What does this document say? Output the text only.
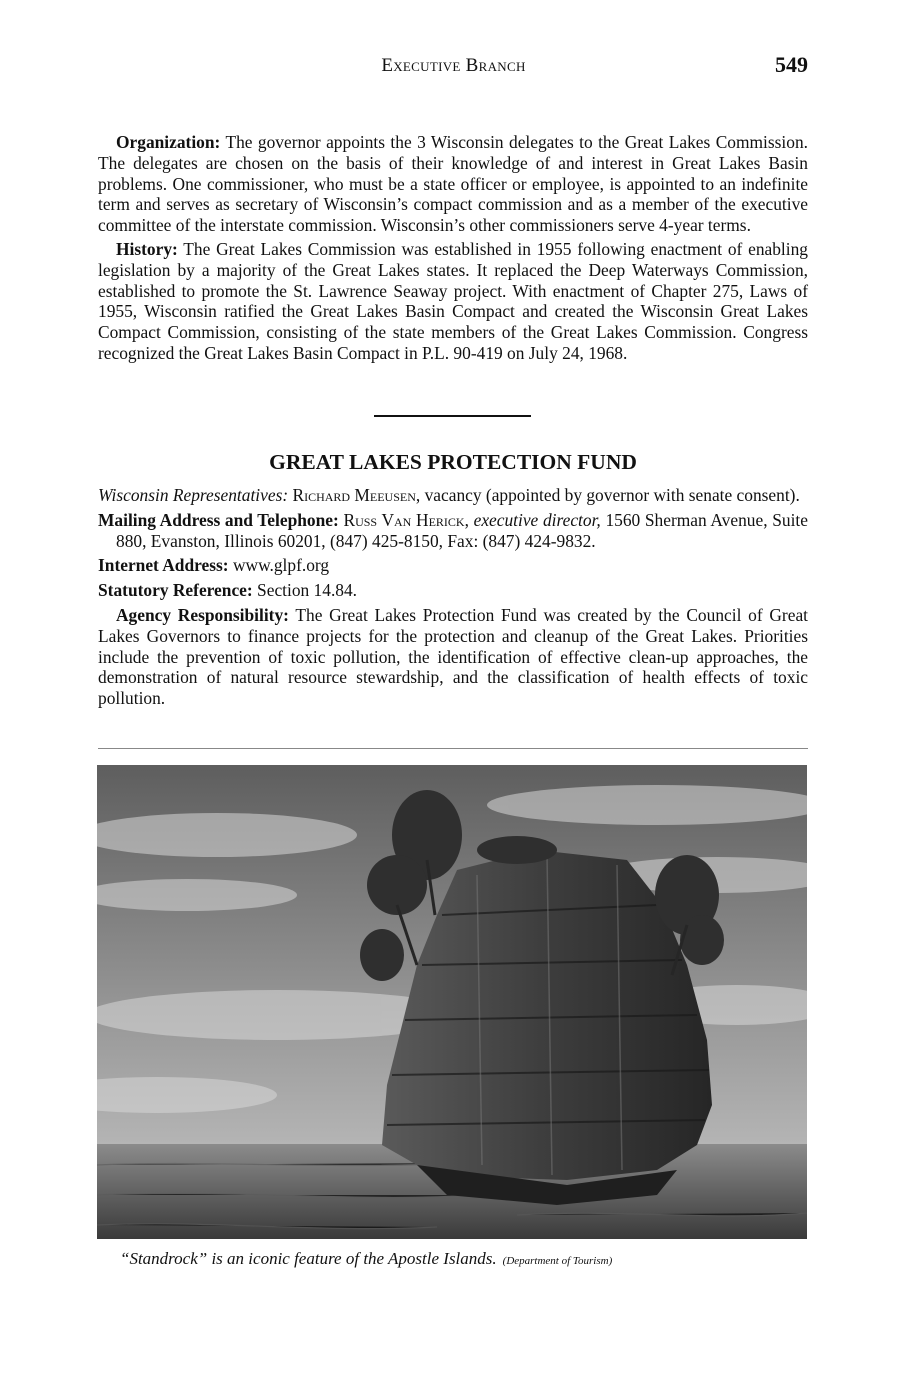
Executive Branch	549

Organization: The governor appoints the 3 Wisconsin delegates to the Great Lakes Commission. The delegates are chosen on the basis of their knowledge of and interest in Great Lakes Basin problems. One commissioner, who must be a state officer or employee, is appointed to an indefinite term and serves as secretary of Wisconsin’s compact commission and as a member of the executive committee of the interstate commission. Wisconsin’s other commissioners serve 4-year terms.

History: The Great Lakes Commission was established in 1955 following enactment of enabling legislation by a majority of the Great Lakes states. It replaced the Deep Waterways Commission, established to promote the St. Lawrence Seaway project. With enactment of Chapter 275, Laws of 1955, Wisconsin ratified the Great Lakes Basin Compact and created the Wisconsin Great Lakes Compact Commission, consisting of the state members of the Great Lakes Commission. Congress recognized the Great Lakes Basin Compact in P.L. 90-419 on July 24, 1968.

GREAT LAKES PROTECTION FUND

Wisconsin Representatives: Richard Meeusen, vacancy (appointed by governor with senate consent).

Mailing Address and Telephone: Russ Van Herick, executive director, 1560 Sherman Avenue, Suite 880, Evanston, Illinois 60201, (847) 425-8150, Fax: (847) 424-9832.

Internet Address: www.glpf.org

Statutory Reference: Section 14.84.

Agency Responsibility: The Great Lakes Protection Fund was created by the Council of Great Lakes Governors to finance projects for the protection and cleanup of the Great Lakes. Priorities include the prevention of toxic pollution, the identification of effective clean-up approaches, the demonstration of natural resource stewardship, and the classification of health effects of toxic pollution.

“Standrock” is an iconic feature of the Apostle Islands. (Department of Tourism)
